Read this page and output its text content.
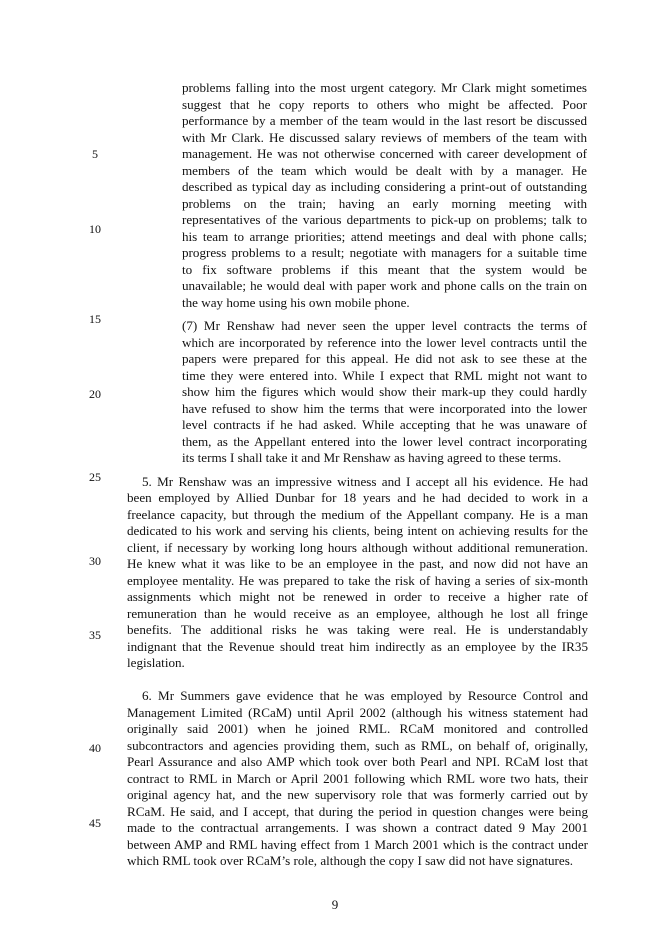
problems falling into the most urgent category. Mr Clark might sometimes
suggest that he copy reports to others who might be affected. Poor
performance by a member of the team would in the last resort be discussed
with Mr Clark. He discussed salary reviews of members of the team with
management. He was not otherwise concerned with career development of
members of the team which would be dealt with by a manager. He
described as typical day as including considering a print-out of outstanding
problems on the train; having an early morning meeting with
representatives of the various departments to pick-up on problems; talk to
his team to arrange priorities; attend meetings and deal with phone calls;
progress problems to a result; negotiate with managers for a suitable time
to fix software problems if this meant that the system would be
unavailable; he would deal with paper work and phone calls on the train on
the way home using his own mobile phone.
(7) Mr Renshaw had never seen the upper level contracts the terms of
which are incorporated by reference into the lower level contracts until the
papers were prepared for this appeal. He did not ask to see these at the
time they were entered into. While I expect that RML might not want to
show him the figures which would show their mark-up they could hardly
have refused to show him the terms that were incorporated into the lower
level contracts if he had asked. While accepting that he was unaware of
them, as the Appellant entered into the lower level contract incorporating
its terms I shall take it and Mr Renshaw as having agreed to these terms.
5. Mr Renshaw was an impressive witness and I accept all his evidence. He had
been employed by Allied Dunbar for 18 years and he had decided to work in a
freelance capacity, but through the medium of the Appellant company. He is a man
dedicated to his work and serving his clients, being intent on achieving results for the
client, if necessary by working long hours although without additional remuneration.
He knew what it was like to be an employee in the past, and now did not have an
employee mentality. He was prepared to take the risk of having a series of six-month
assignments which might not be renewed in order to receive a higher rate of
remuneration than he would receive as an employee, although he lost all fringe
benefits. The additional risks he was taking were real. He is understandably
indignant that the Revenue should treat him indirectly as an employee by the IR35
legislation.
6. Mr Summers gave evidence that he was employed by Resource Control and
Management Limited (RCaM) until April 2002 (although his witness statement had
originally said 2001) when he joined RML. RCaM monitored and controlled
subcontractors and agencies providing them, such as RML, on behalf of, originally,
Pearl Assurance and also AMP which took over both Pearl and NPI. RCaM lost that
contract to RML in March or April 2001 following which RML wore two hats, their
original agency hat, and the new supervisory role that was formerly carried out by
RCaM. He said, and I accept, that during the period in question changes were being
made to the contractual arrangements. I was shown a contract dated 9 May 2001
between AMP and RML having effect from 1 March 2001 which is the contract under
which RML took over RCaM’s role, although the copy I saw did not have signatures.
5
10
15
20
25
30
35
40
45
9
